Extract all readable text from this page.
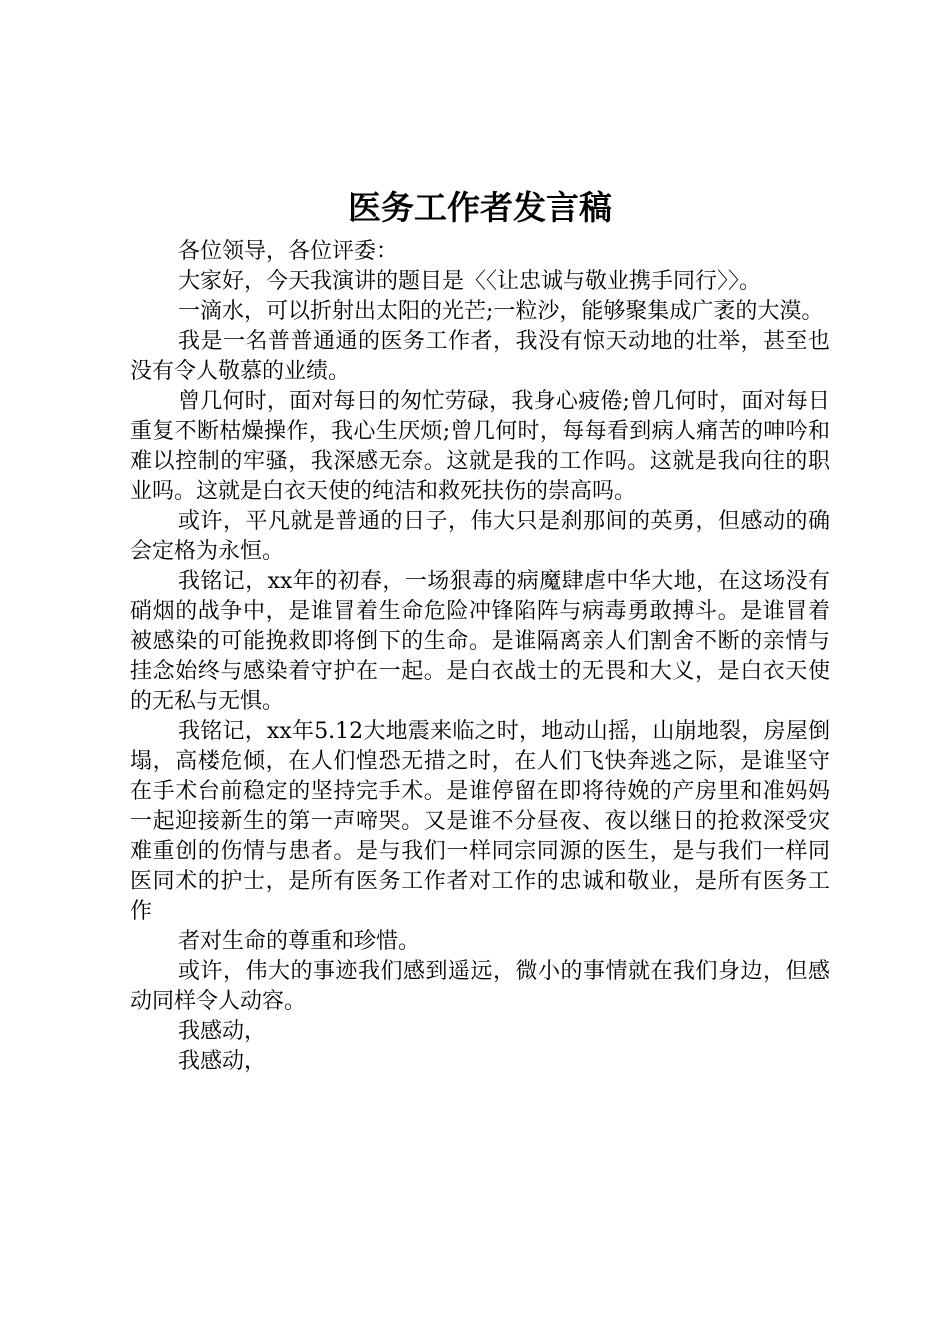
医务工作者发言稿

各位领导，各位评委：

大家好，今天我演讲的题目是〈〈让忠诚与敬业携手同行〉〉。

一滴水，可以折射出太阳的光芒;一粒沙，能够聚集成广袤的大漠。

我是一名普普通通的医务工作者，我没有惊天动地的壮举，甚至也没有令人敬慕的业绩。

曾几何时，面对每日的匆忙劳碌，我身心疲倦;曾几何时，面对每日重复不断枯燥操作，我心生厌烦;曾几何时，每每看到病人痛苦的呻吟和难以控制的牢骚，我深感无奈。这就是我的工作吗。这就是我向往的职业吗。这就是白衣天使的纯洁和救死扶伤的崇高吗。

或许，平凡就是普通的日子，伟大只是刹那间的英勇，但感动的确会定格为永恒。

我铭记，xx年的初春，一场狠毒的病魔肆虐中华大地，在这场没有硝烟的战争中，是谁冒着生命危险冲锋陷阵与病毒勇敢搏斗。是谁冒着被感染的可能挽救即将倒下的生命。是谁隔离亲人们割舍不断的亲情与挂念始终与感染着守护在一起。是白衣战士的无畏和大义，是白衣天使的无私与无惧。

我铭记，xx年5.12大地震来临之时，地动山摇，山崩地裂，房屋倒塌，高楼危倾，在人们惶恐无措之时，在人们飞快奔逃之际，是谁坚守在手术台前稳定的坚持完手术。是谁停留在即将待娩的产房里和准妈妈一起迎接新生的第一声啼哭。又是谁不分昼夜、夜以继日的抢救深受灾难重创的伤情与患者。是与我们一样同宗同源的医生，是与我们一样同医同术的护士，是所有医务工作者对工作的忠诚和敬业，是所有医务工作

者对生命的尊重和珍惜。

或许，伟大的事迹我们感到遥远，微小的事情就在我们身边，但感动同样令人动容。

我感动，

我感动，
